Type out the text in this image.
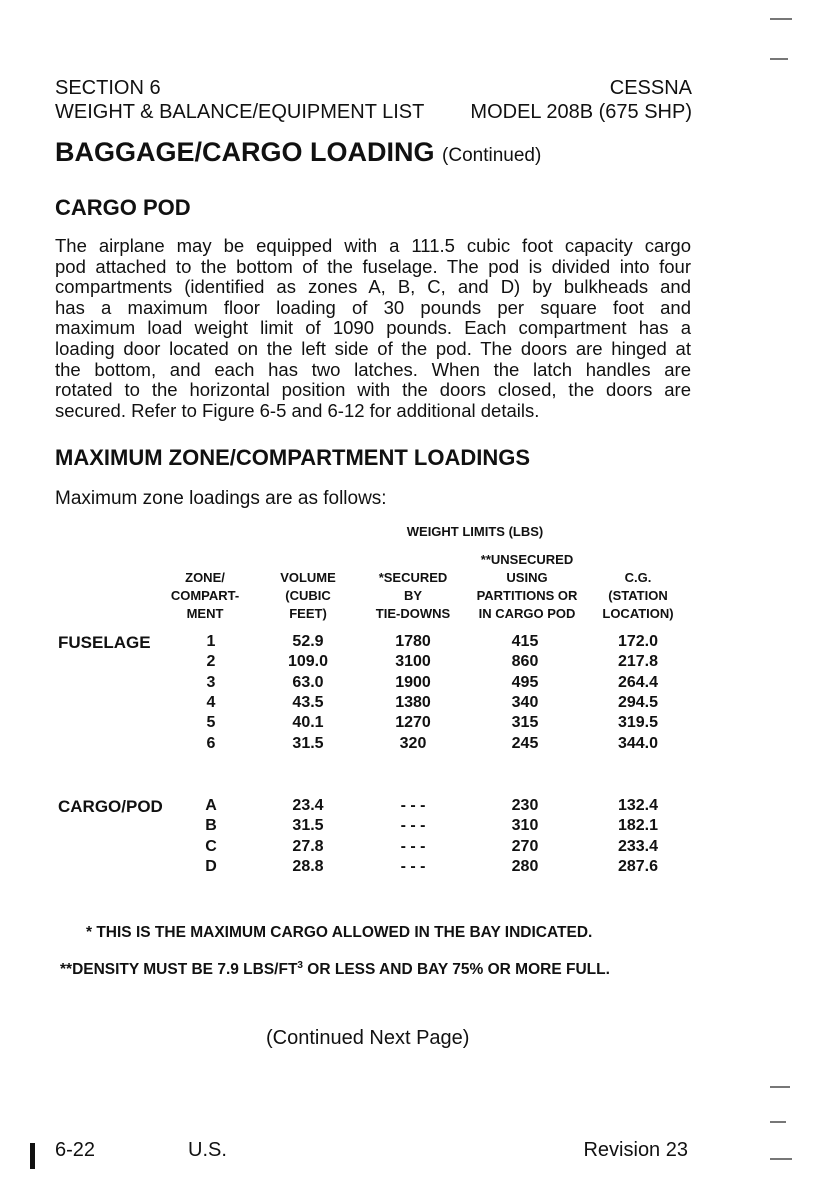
SECTION 6
WEIGHT & BALANCE/EQUIPMENT LIST
CESSNA
MODEL 208B (675 SHP)
BAGGAGE/CARGO LOADING (Continued)
CARGO POD
The airplane may be equipped with a 111.5 cubic foot capacity cargo
pod attached to the bottom of the fuselage. The pod is divided into four
compartments (identified as zones A, B, C, and D) by bulkheads and
has a maximum floor loading of 30 pounds per square foot and
maximum load weight limit of 1090 pounds. Each compartment has a
loading door located on the left side of the pod. The doors are hinged at
the bottom, and each has two latches. When the latch handles are
rotated to the horizontal position with the doors closed, the doors are
secured. Refer to Figure 6-5 and 6-12 for additional details.
MAXIMUM ZONE/COMPARTMENT LOADINGS
Maximum zone loadings are as follows:
WEIGHT LIMITS (LBS)
ZONE/
COMPART-
MENT
VOLUME
(CUBIC
FEET)
*SECURED
BY
TIE-DOWNS
**UNSECURED
USING
PARTITIONS OR
IN CARGO POD
C.G.
(STATION
LOCATION)
FUSELAGE
CARGO/POD
1	52.9	1780	415	172.0
2	109.0	3100	860	217.8
3	63.0	1900	495	264.4
4	43.5	1380	340	294.5
5	40.1	1270	315	319.5
6	31.5	320	245	344.0
A	23.4	- - -	230	132.4
B	31.5	- - -	310	182.1
C	27.8	- - -	270	233.4
D	28.8	- - -	280	287.6
* THIS IS THE MAXIMUM CARGO ALLOWED IN THE BAY INDICATED.
**DENSITY MUST BE 7.9 LBS/$FT^3$ OR LESS AND BAY 75% OR MORE FULL.
(Continued Next Page)
6-22	U.S.	Revision 23
